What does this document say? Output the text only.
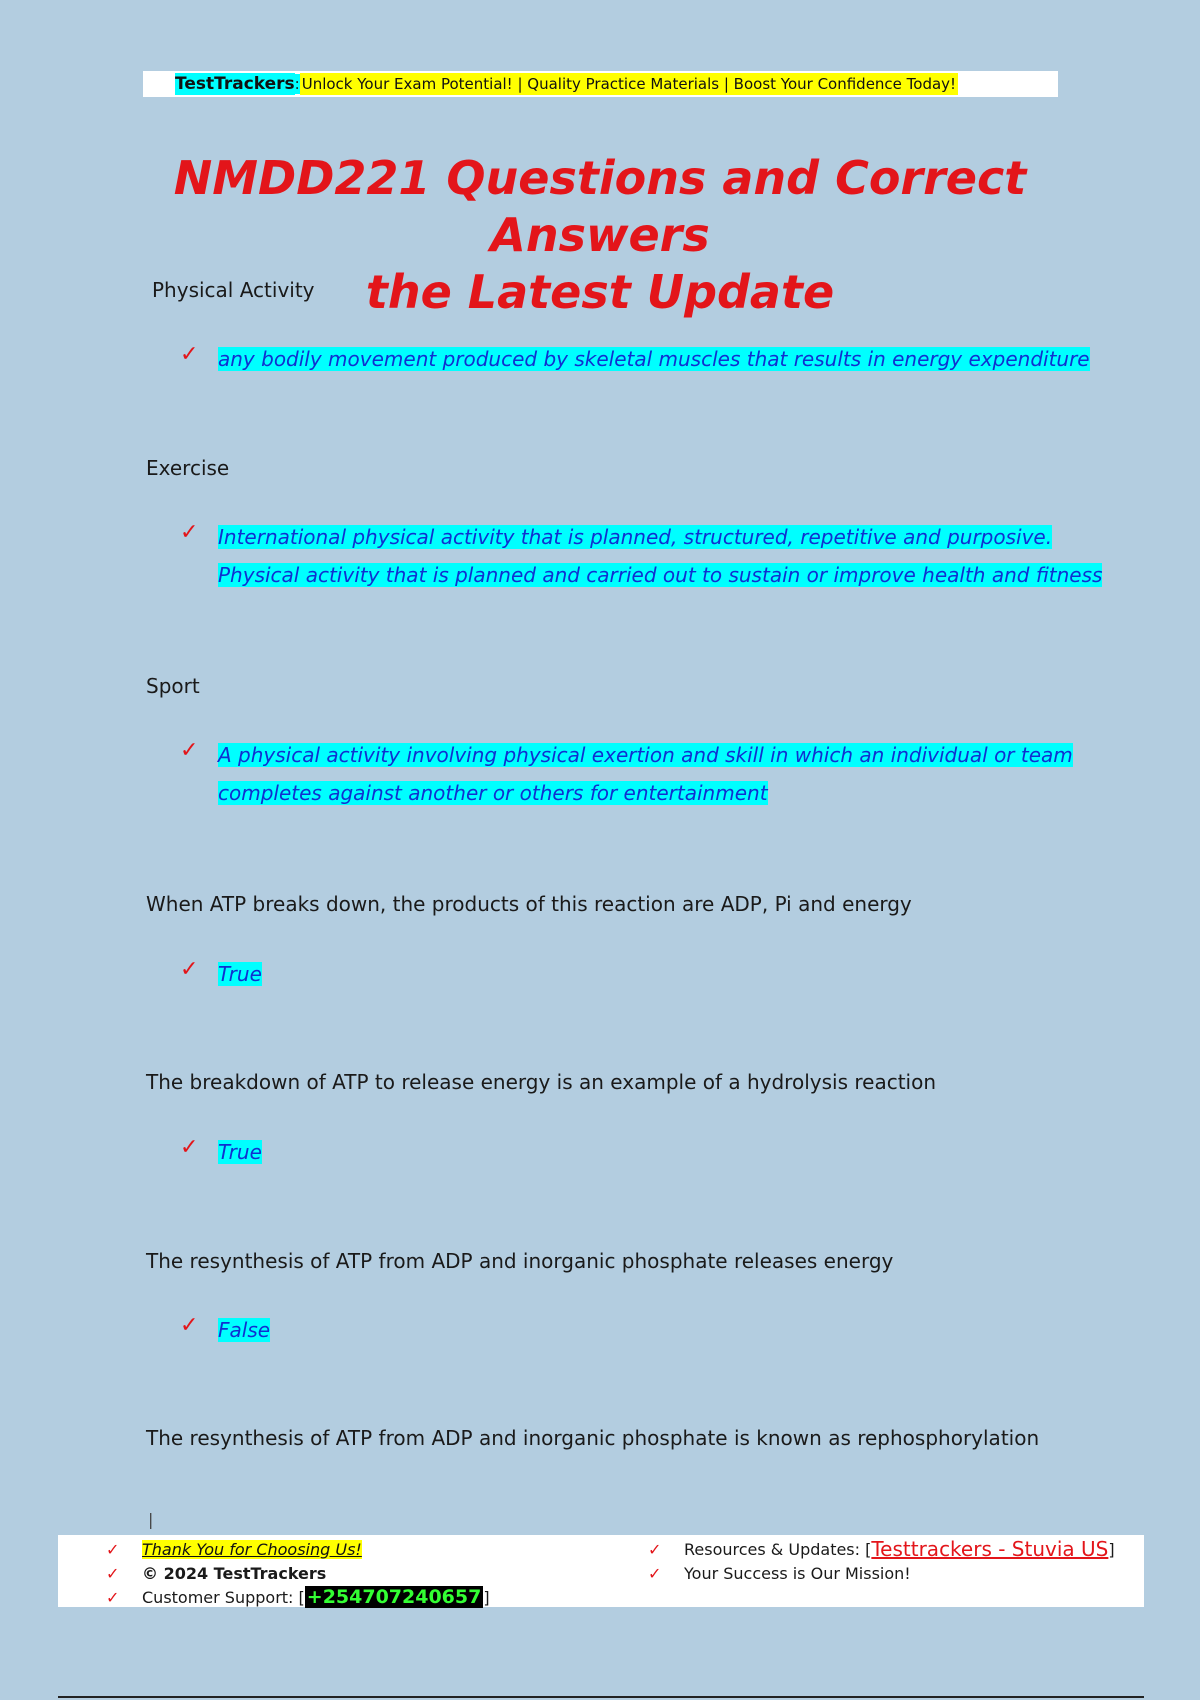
TestTrackers : Unlock Your Exam Potential! | Quality Practice Materials | Boost Your Confidence Today!
NMDD221 Questions and Correct Answers
the Latest Update
Physical Activity
✓ any bodily movement produced by skeletal muscles that results in energy expenditure
Exercise
✓ International physical activity that is planned, structured, repetitive and purposive.
Physical activity that is planned and carried out to sustain or improve health and fitness
Sport
✓ A physical activity involving physical exertion and skill in which an individual or team
completes against another or others for entertainment
When ATP breaks down, the products of this reaction are ADP, Pi and energy
✓ True
The breakdown of ATP to release energy is an example of a hydrolysis reaction
✓ True
The resynthesis of ATP from ADP and inorganic phosphate releases energy
✓ False
The resynthesis of ATP from ADP and inorganic phosphate is known as rephosphorylation
|
✓	Thank You for Choosing Us!
✓	© 2024 TestTrackers
✓	Customer Support: [ +254707240657 ]
✓	Resources & Updates: [ Testtrackers - Stuvia US ]
✓	Your Success is Our Mission!
